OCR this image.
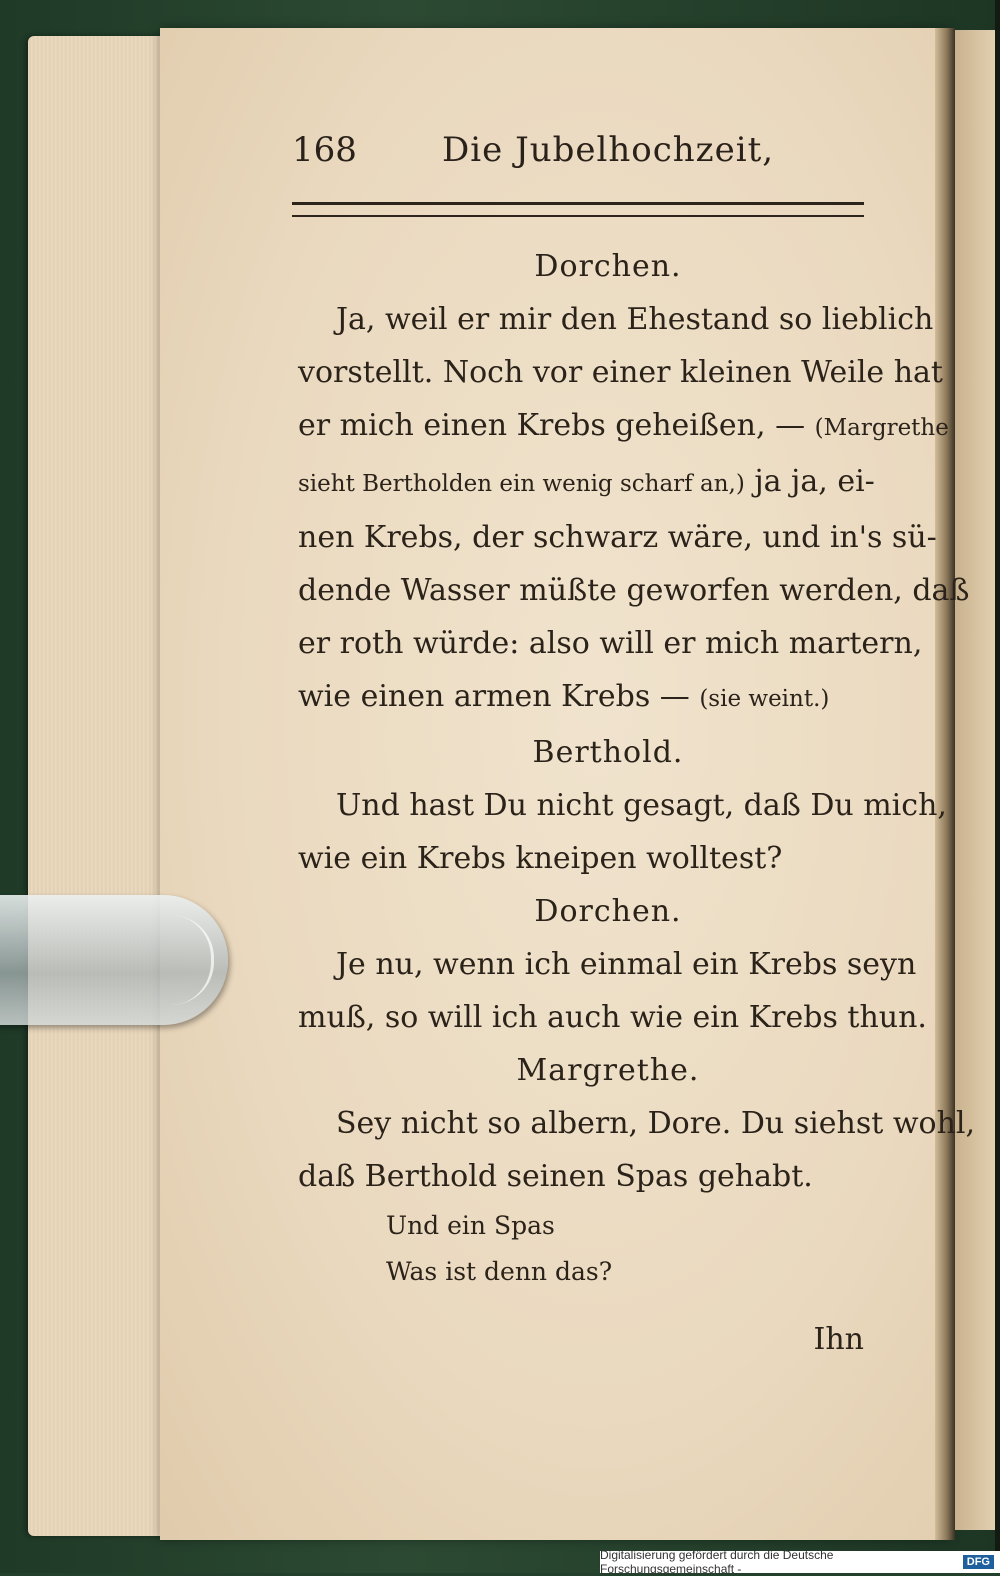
168	Die Jubelhochzeit,
Dorchen.
Ja, weil er mir den Ehestand so lieblich
vorstellt. Noch vor einer kleinen Weile hat
er mich einen Krebs geheißen, — (Margrethe
sieht Bertholden ein wenig scharf an,) ja ja, ei-
nen Krebs, der schwarz wäre, und in's sü-
dende Wasser müßte geworfen werden, daß
er roth würde: also will er mich martern,
wie einen armen Krebs — (sie weint.)
Berthold.
Und hast Du nicht gesagt, daß Du mich,
wie ein Krebs kneipen wolltest?
Dorchen.
Je nu, wenn ich einmal ein Krebs seyn
muß, so will ich auch wie ein Krebs thun.
Margrethe.
Sey nicht so albern, Dore. Du siehst wohl,
daß Berthold seinen Spas gehabt.
Und ein Spas
Was ist denn das?
Ihn
Digitalisierung gefördert durch die Deutsche Forschungsgemeinschaft -	DFG
